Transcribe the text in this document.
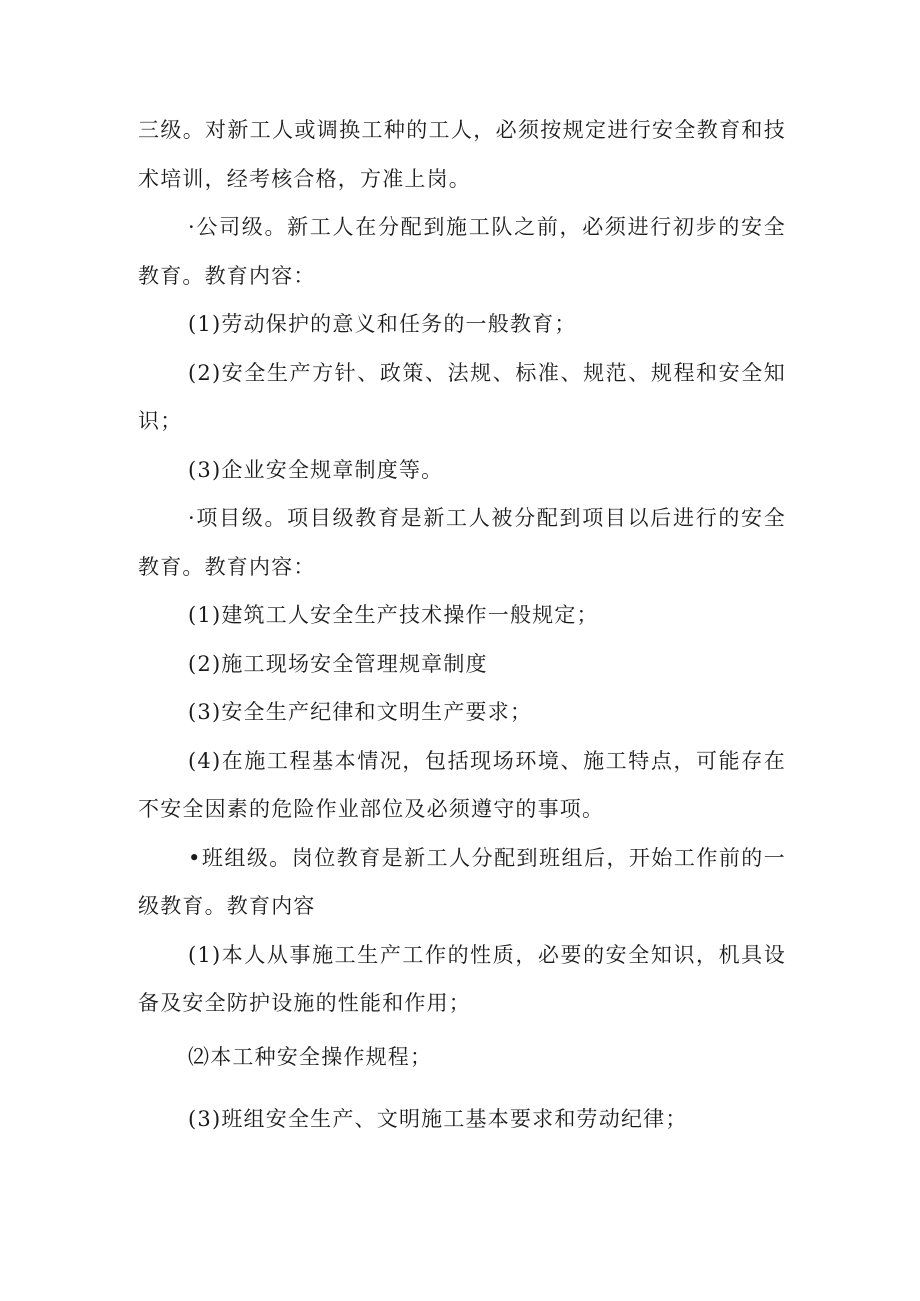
三级。对新工人或调换工种的工人，必须按规定进行安全教育和技术培训，经考核合格，方准上岗。

·公司级。新工人在分配到施工队之前，必须进行初步的安全教育。教育内容：

(1)劳动保护的意义和任务的一般教育；

(2)安全生产方针、政策、法规、标准、规范、规程和安全知识；

(3)企业安全规章制度等。

·项目级。项目级教育是新工人被分配到项目以后进行的安全教育。教育内容：

(1)建筑工人安全生产技术操作一般规定；

(2)施工现场安全管理规章制度

(3)安全生产纪律和文明生产要求；

(4)在施工程基本情况，包括现场环境、施工特点，可能存在不安全因素的危险作业部位及必须遵守的事项。

•班组级。岗位教育是新工人分配到班组后，开始工作前的一级教育。教育内容

(1)本人从事施工生产工作的性质，必要的安全知识，机具设备及安全防护设施的性能和作用；

⑵本工种安全操作规程；

(3)班组安全生产、文明施工基本要求和劳动纪律；
